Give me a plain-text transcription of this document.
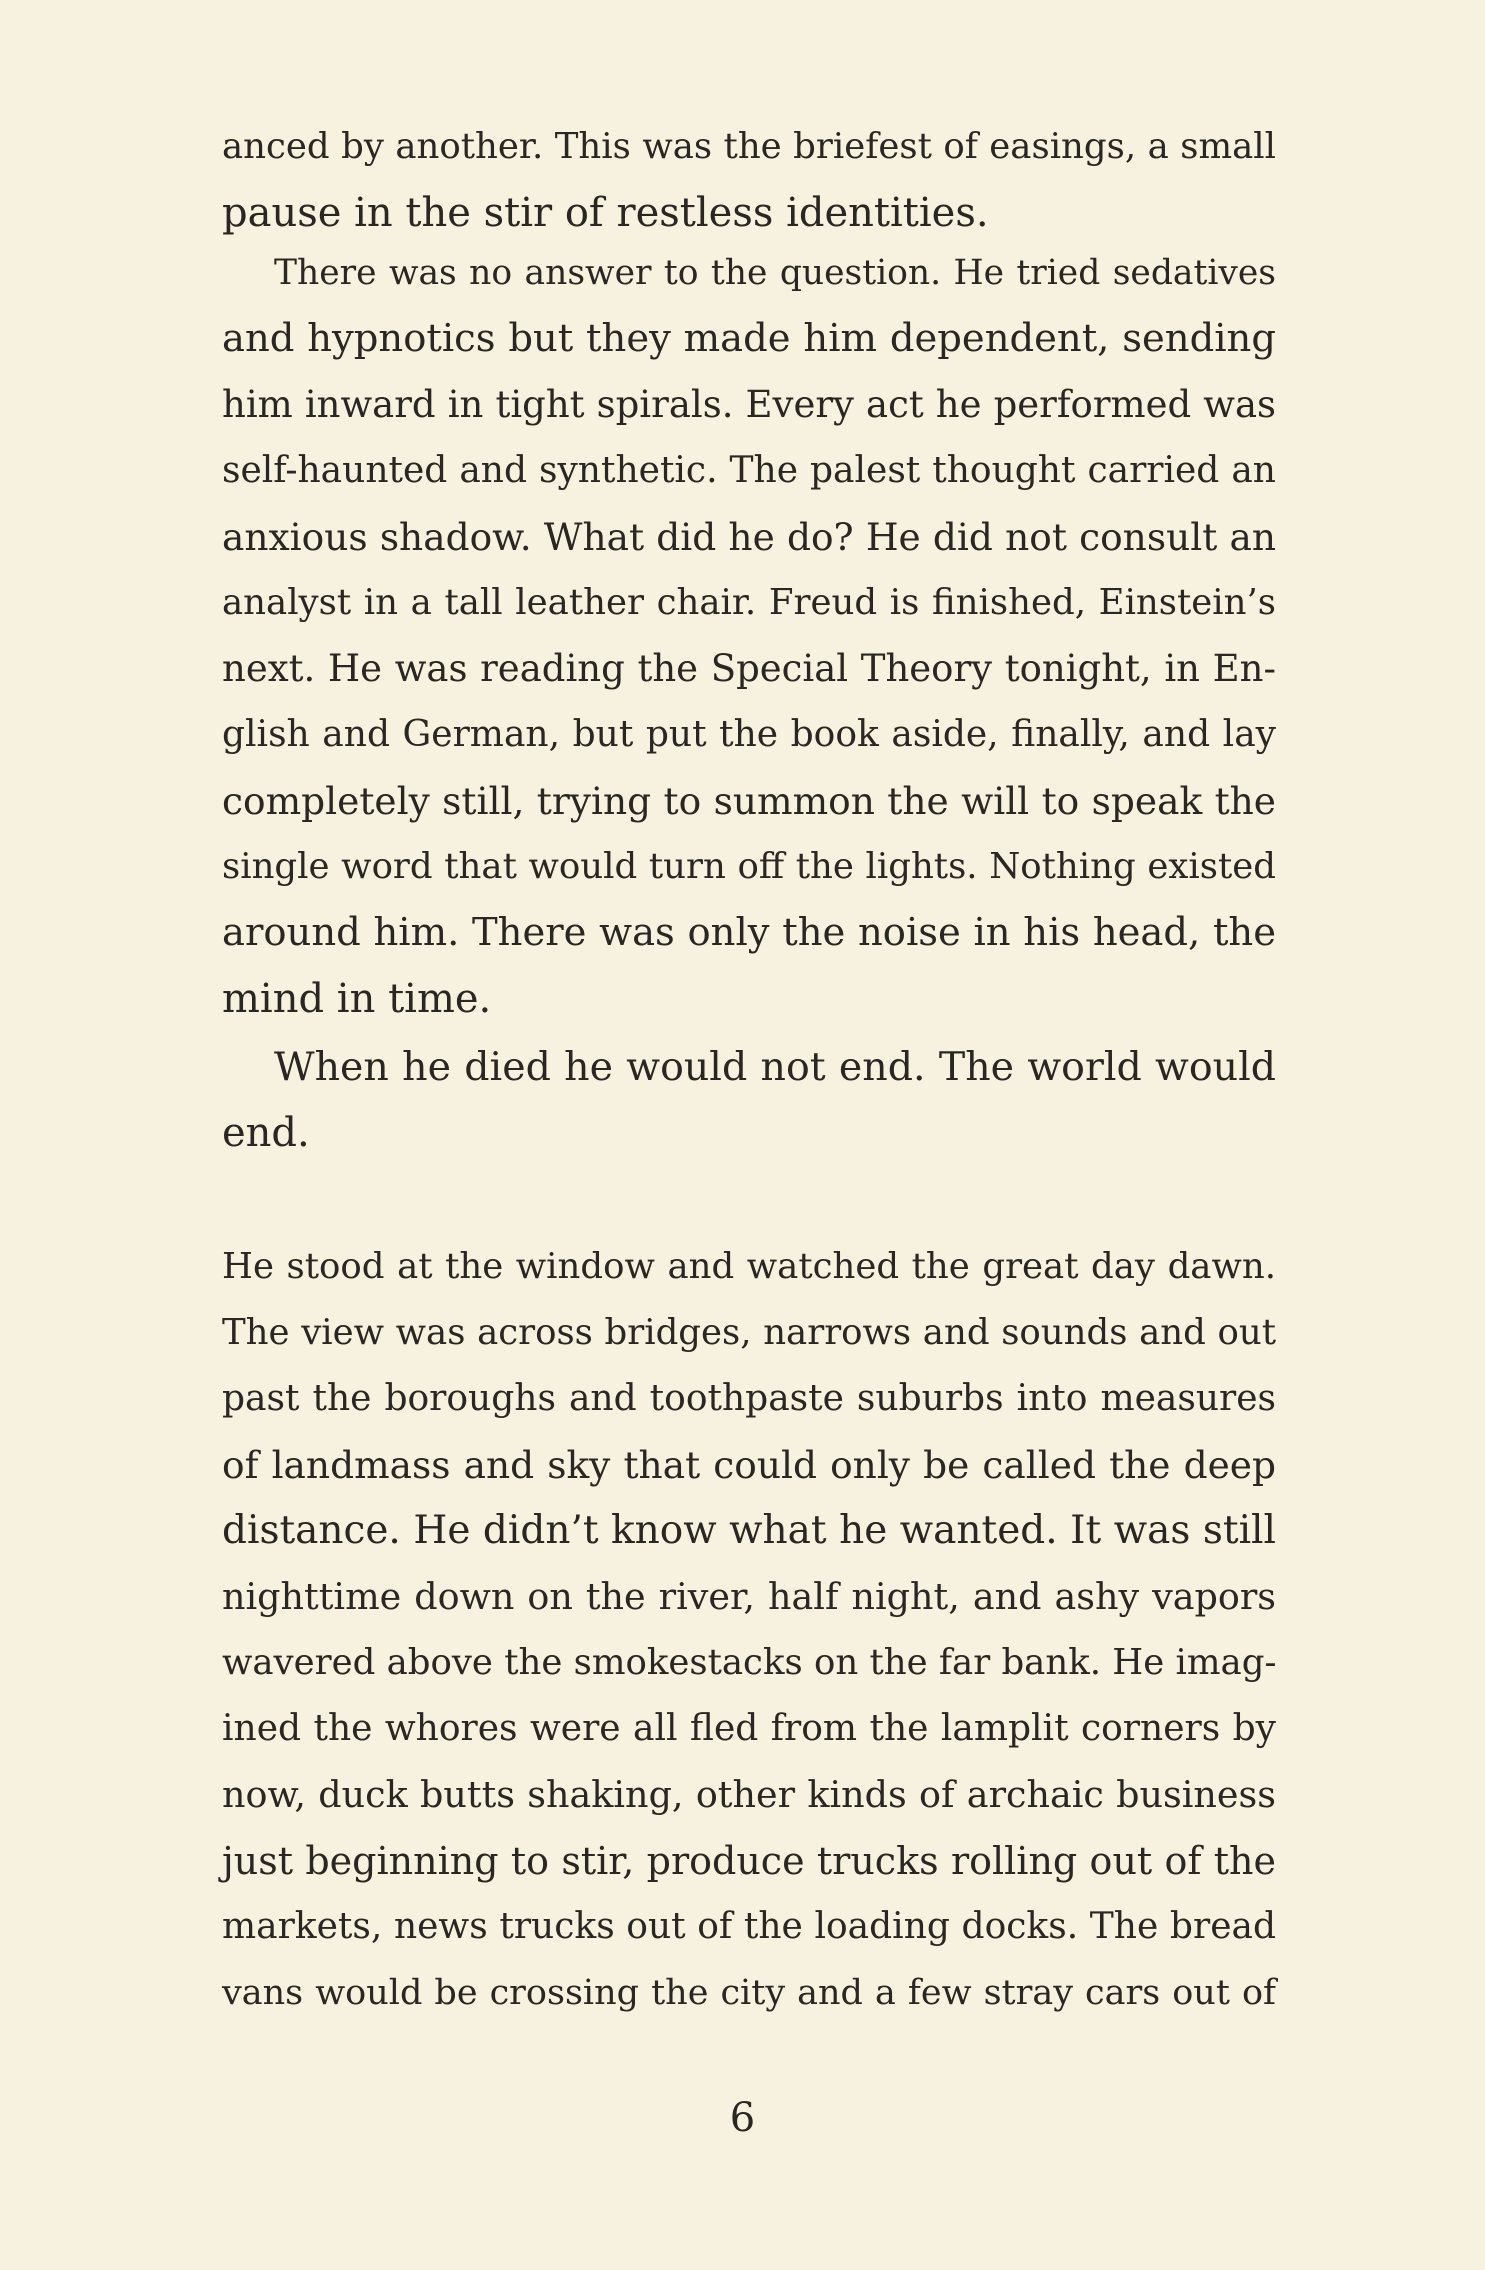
anced by another. This was the briefest of easings, a small
pause in the stir of restless identities.
There was no answer to the question. He tried sedatives
and hypnotics but they made him dependent, sending
him inward in tight spirals. Every act he performed was
self-haunted and synthetic. The palest thought carried an
anxious shadow. What did he do? He did not consult an
analyst in a tall leather chair. Freud is finished, Einstein’s
next. He was reading the Special Theory tonight, in En-
glish and German, but put the book aside, finally, and lay
completely still, trying to summon the will to speak the
single word that would turn off the lights. Nothing existed
around him. There was only the noise in his head, the
mind in time.
When he died he would not end. The world would
end.
He stood at the window and watched the great day dawn.
The view was across bridges, narrows and sounds and out
past the boroughs and toothpaste suburbs into measures
of landmass and sky that could only be called the deep
distance. He didn’t know what he wanted. It was still
nighttime down on the river, half night, and ashy vapors
wavered above the smokestacks on the far bank. He imag-
ined the whores were all fled from the lamplit corners by
now, duck butts shaking, other kinds of archaic business
just beginning to stir, produce trucks rolling out of the
markets, news trucks out of the loading docks. The bread
vans would be crossing the city and a few stray cars out of
6
